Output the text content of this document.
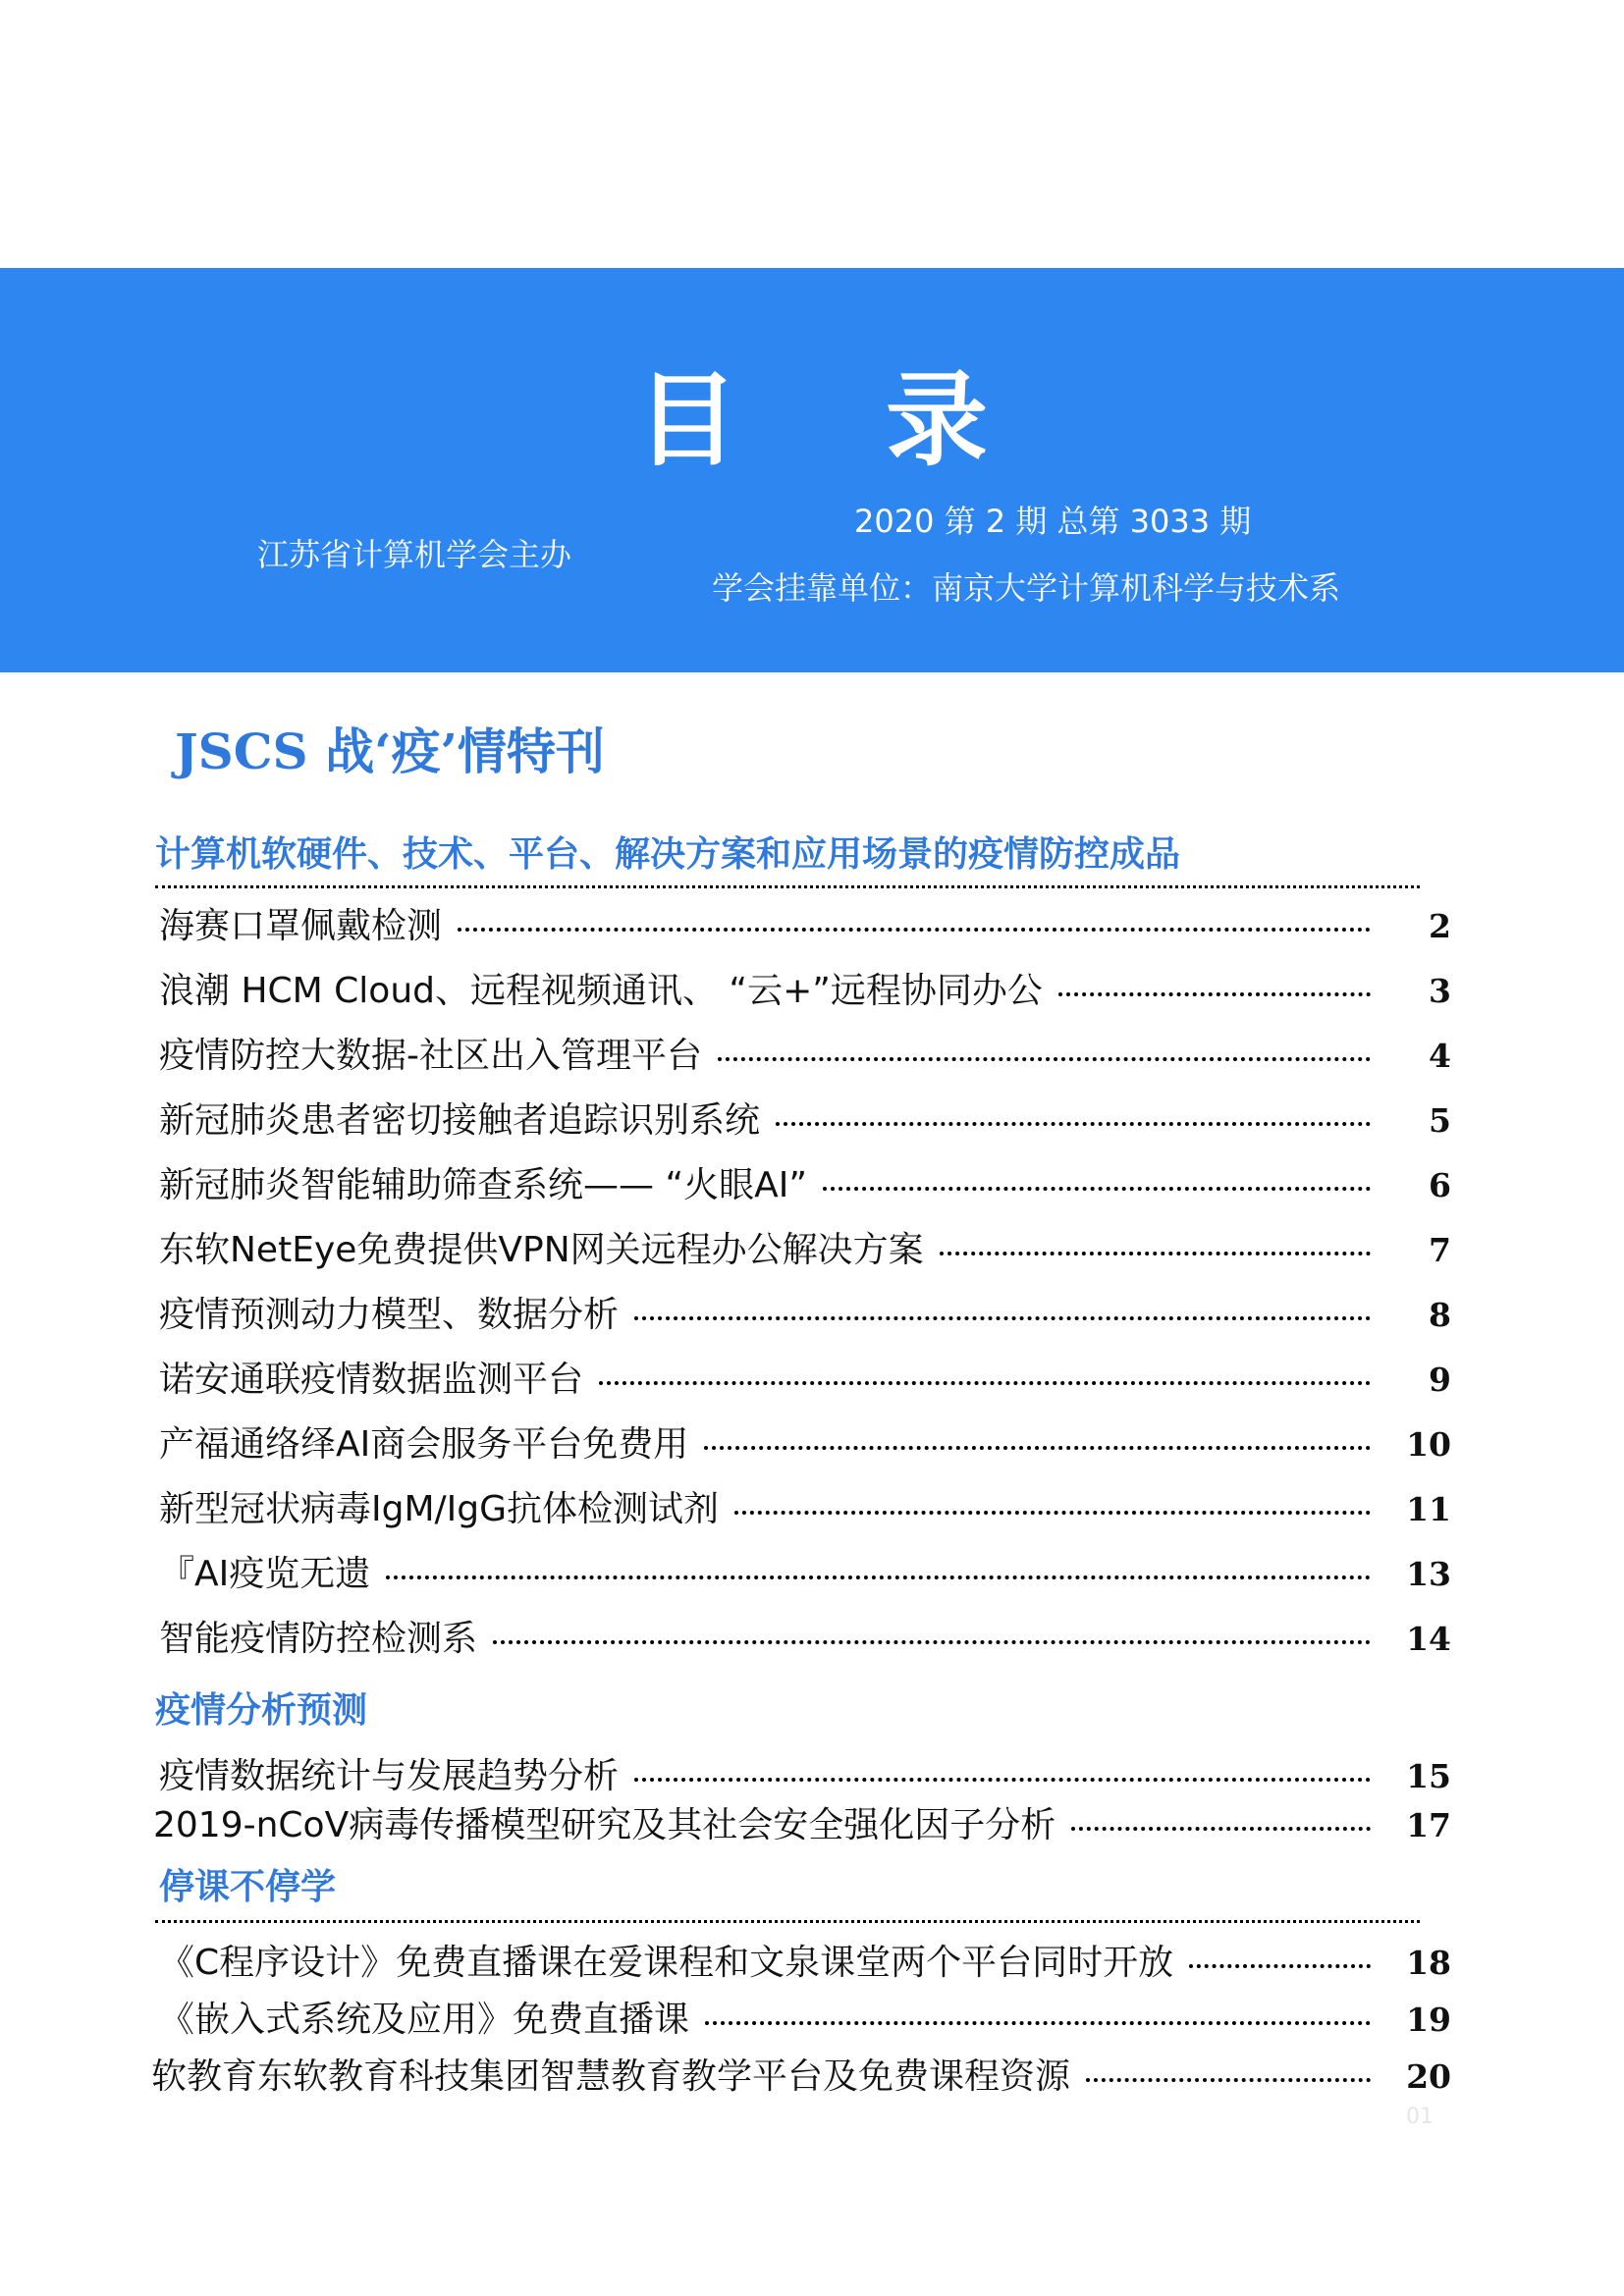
目录
江苏省计算机学会主办
2020 第 2 期 总第 3033 期
学会挂靠单位：南京大学计算机科学与技术系
JSCS 战‘疫’情特刊
计算机软硬件、技术、平台、解决方案和应用场景的疫情防控成品
海赛口罩佩戴检测	2
浪潮 HCM Cloud、远程视频通讯、 “云+”远程协同办公	3
疫情防控大数据-社区出入管理平台	4
新冠肺炎患者密切接触者追踪识别系统	5
新冠肺炎智能辅助筛查系统—— “火眼AI”	6
东软NetEye免费提供VPN网关远程办公解决方案	7
疫情预测动力模型、数据分析	8
诺安通联疫情数据监测平台	9
产福通络绎AI商会服务平台免费用	10
新型冠状病毒IgM/IgG抗体检测试剂	11
『AI疫览无遗	13
智能疫情防控检测系	14
疫情分析预测
疫情数据统计与发展趋势分析	15
2019-nCoV病毒传播模型研究及其社会安全强化因子分析	17
停课不停学
《C程序设计》免费直播课在爱课程和文泉课堂两个平台同时开放	18
《嵌入式系统及应用》免费直播课	19
软教育东软教育科技集团智慧教育教学平台及免费课程资源	20
01
